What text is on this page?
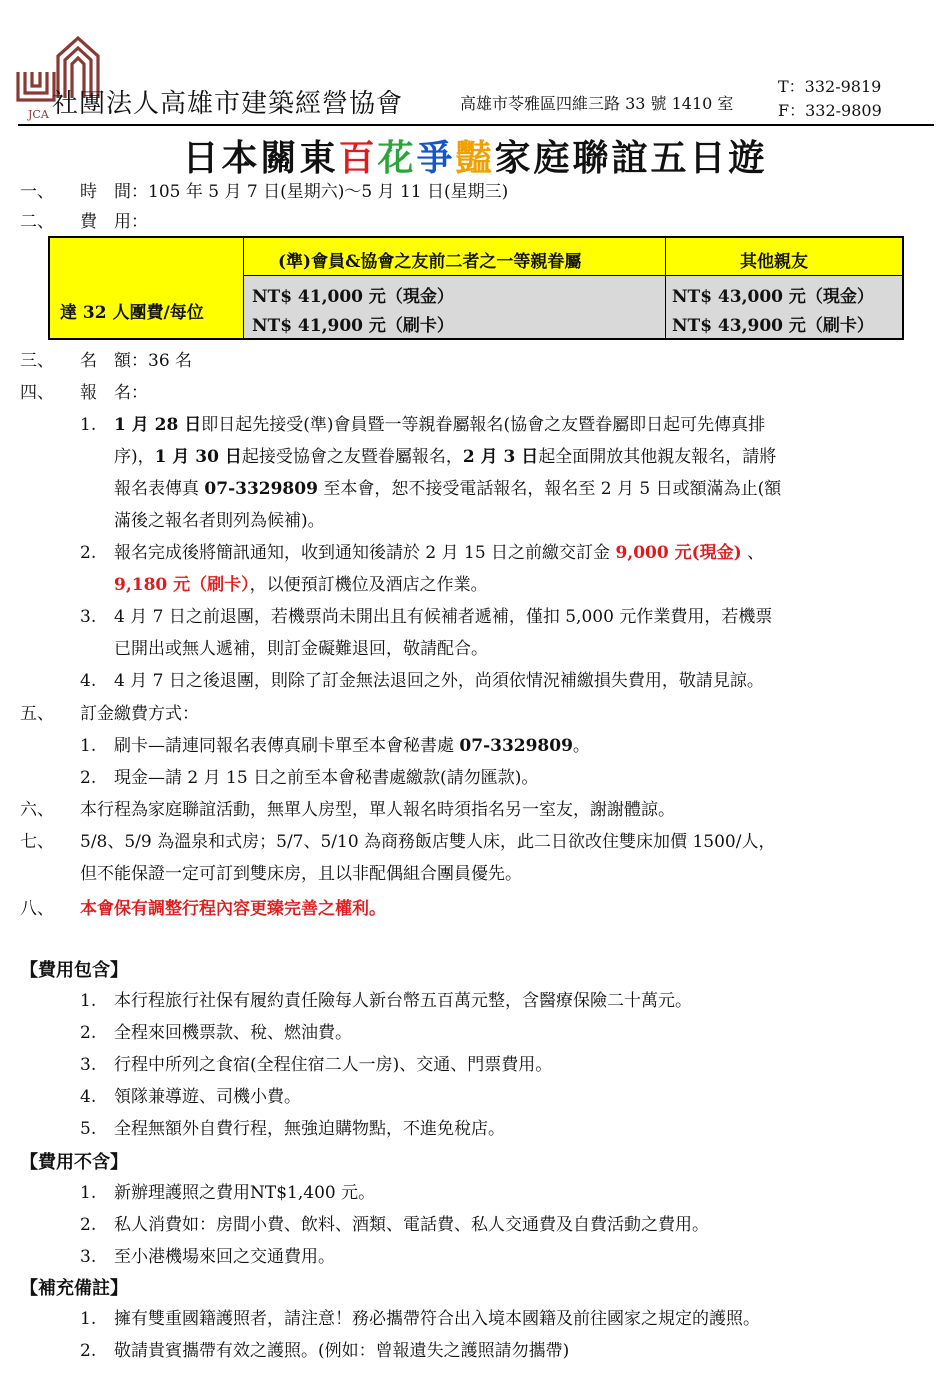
JCA 社團法人高雄市建築經營協會	高雄市苓雅區四維三路 33 號 1410 室
T：332-9819
F：332-9809
日本關東百花爭豔家庭聯誼五日遊
一、 時　間：105 年 5 月 7 日(星期六)～5 月 11 日(星期三)
二、 費　用：
達 32 人團費/每位
(準)會員&協會之友前二者之一等親眷屬	其他親友
NT$ 41,000 元（現金）
NT$ 41,900 元（刷卡）
NT$ 43,000 元（現金）
NT$ 43,900 元（刷卡）
三、 名　額：36 名
四、 報　名：
1. 1 月 28 日即日起先接受(準)會員暨一等親眷屬報名(協會之友暨眷屬即日起可先傳真排
序)，1 月 30 日起接受協會之友暨眷屬報名，2 月 3 日起全面開放其他親友報名，請將
報名表傳真 07-3329809 至本會，恕不接受電話報名，報名至 2 月 5 日或額滿為止(額
滿後之報名者則列為候補)。
2. 報名完成後將簡訊通知，收到通知後請於 2 月 15 日之前繳交訂金 9,000 元(現金) 、
9,180 元（刷卡），以便預訂機位及酒店之作業。
3. 4 月 7 日之前退團，若機票尚未開出且有候補者遞補，僅扣 5,000 元作業費用，若機票
已開出或無人遞補，則訂金礙難退回，敬請配合。
4. 4 月 7 日之後退團，則除了訂金無法退回之外，尚須依情況補繳損失費用，敬請見諒。
五、 訂金繳費方式：
1. 刷卡—請連同報名表傳真刷卡單至本會秘書處 07-3329809。
2. 現金—請 2 月 15 日之前至本會秘書處繳款(請勿匯款)。
六、 本行程為家庭聯誼活動，無單人房型，單人報名時須指名另一室友，謝謝體諒。
七、 5/8、5/9 為溫泉和式房；5/7、5/10 為商務飯店雙人床，此二日欲改住雙床加價 1500/人，
但不能保證一定可訂到雙床房，且以非配偶組合團員優先。
八、 本會保有調整行程內容更臻完善之權利。
【費用包含】
1. 本行程旅行社保有履約責任險每人新台幣五百萬元整，含醫療保險二十萬元。
2. 全程來回機票款、稅、燃油費。
3. 行程中所列之食宿(全程住宿二人一房)、交通、門票費用。
4. 領隊兼導遊、司機小費。
5. 全程無額外自費行程，無強迫購物點，不進免稅店。
【費用不含】
1. 新辦理護照之費用NT$1,400 元。
2. 私人消費如：房間小費、飲料、酒類、電話費、私人交通費及自費活動之費用。
3. 至小港機場來回之交通費用。
【補充備註】
1. 擁有雙重國籍護照者，請注意！務必攜帶符合出入境本國籍及前往國家之規定的護照。
2. 敬請貴賓攜帶有效之護照。(例如：曾報遺失之護照請勿攜帶)
